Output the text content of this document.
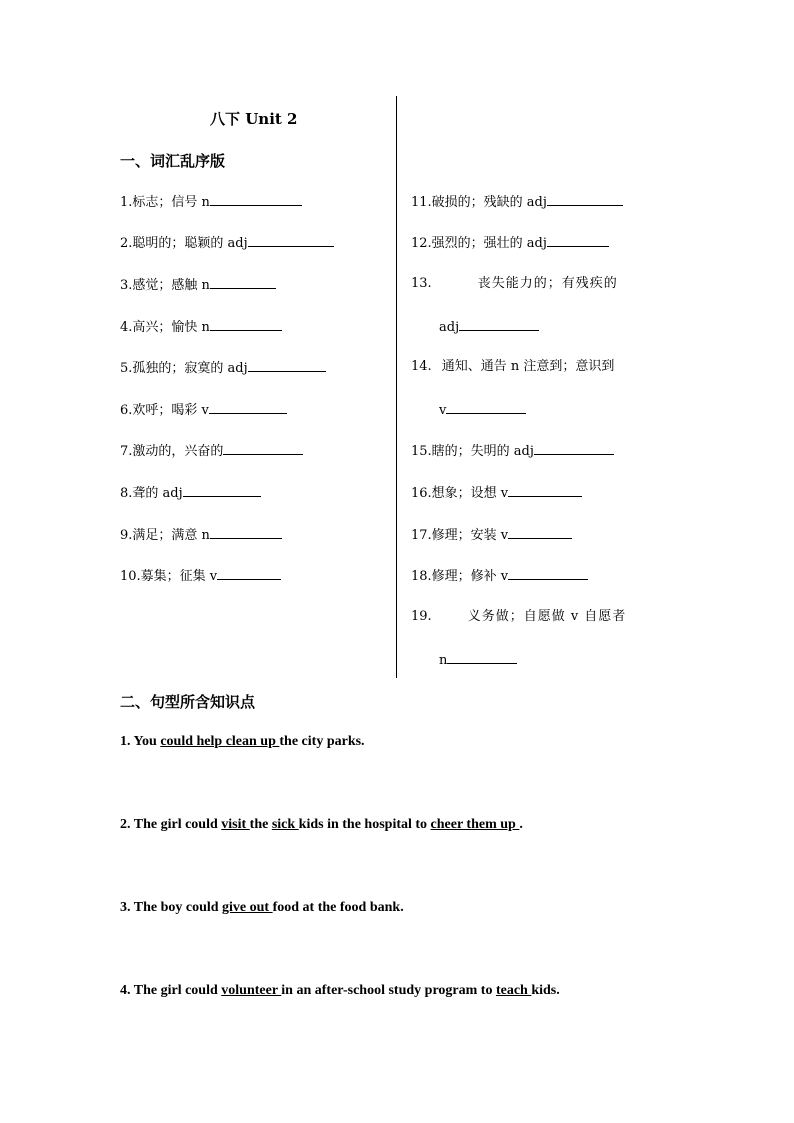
八下 Unit 2
一、词汇乱序版
1.标志；信号 n
2.聪明的；聪颖的 adj
3.感觉；感触 n
4.高兴；愉快 n
5.孤独的；寂寞的 adj
6.欢呼；喝彩 v
7.激动的，兴奋的
8.聋的 adj
9.满足；满意 n
10.募集；征集 v
11.破损的；残缺的 adj
12.强烈的；强壮的 adj
13.	丧失能力的；有残疾的
adj
14. 通知、通告 n 注意到；意识到
v
15.瞎的；失明的 adj
16.想象；设想 v
17.修理；安装 v
18.修理；修补 v
19.	义务做；自愿做 v 自愿者
n
二、句型所含知识点
1. You could help clean up the city parks.
2. The girl could visit the sick kids in the hospital to cheer them up .
3. The boy could give out food at the food bank.
4. The girl could volunteer in an after-school study program to teach kids.
